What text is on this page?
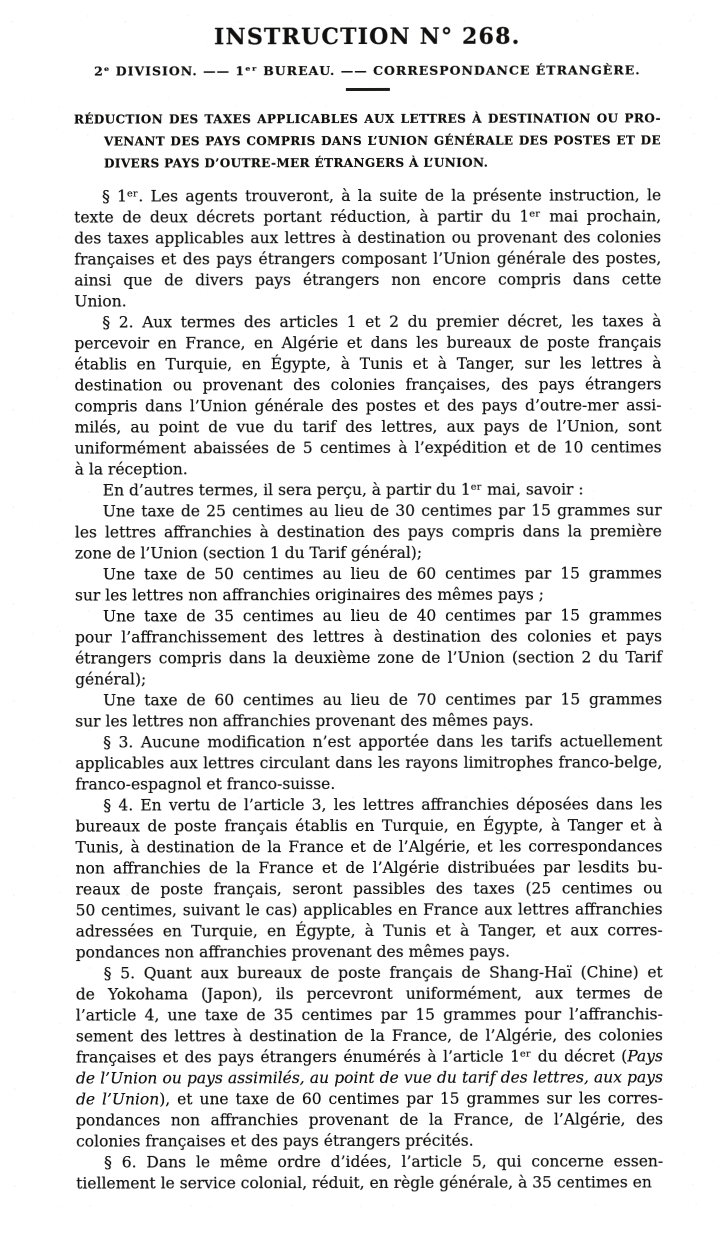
INSTRUCTION N° 268.
2ᵉ DIVISION. —— 1ᵉʳ BUREAU. —— CORRESPONDANCE ÉTRANGÈRE.
RÉDUCTION DES TAXES APPLICABLES AUX LETTRES À DESTINATION OU PRO-
VENANT DES PAYS COMPRIS DANS L’UNION GÉNÉRALE DES POSTES ET DE
DIVERS PAYS D’OUTRE-MER ÉTRANGERS À L’UNION.
§ 1ᵉʳ. Les agents trouveront, à la suite de la présente instruction, le
texte de deux décrets portant réduction, à partir du 1ᵉʳ mai prochain,
des taxes applicables aux lettres à destination ou provenant des colonies
françaises et des pays étrangers composant l’Union générale des postes,
ainsi que de divers pays étrangers non encore compris dans cette
Union.
§ 2. Aux termes des articles 1 et 2 du premier décret, les taxes à
percevoir en France, en Algérie et dans les bureaux de poste français
établis en Turquie, en Égypte, à Tunis et à Tanger, sur les lettres à
destination ou provenant des colonies françaises, des pays étrangers
compris dans l’Union générale des postes et des pays d’outre-mer assi-
milés, au point de vue du tarif des lettres, aux pays de l’Union, sont
uniformément abaissées de 5 centimes à l’expédition et de 10 centimes
à la réception.
En d’autres termes, il sera perçu, à partir du 1ᵉʳ mai, savoir :
Une taxe de 25 centimes au lieu de 30 centimes par 15 grammes sur
les lettres affranchies à destination des pays compris dans la première
zone de l’Union (section 1 du Tarif général);
Une taxe de 50 centimes au lieu de 60 centimes par 15 grammes
sur les lettres non affranchies originaires des mêmes pays ;
Une taxe de 35 centimes au lieu de 40 centimes par 15 grammes
pour l’affranchissement des lettres à destination des colonies et pays
étrangers compris dans la deuxième zone de l’Union (section 2 du Tarif
général);
Une taxe de 60 centimes au lieu de 70 centimes par 15 grammes
sur les lettres non affranchies provenant des mêmes pays.
§ 3. Aucune modification n’est apportée dans les tarifs actuellement
applicables aux lettres circulant dans les rayons limitrophes franco-belge,
franco-espagnol et franco-suisse.
§ 4. En vertu de l’article 3, les lettres affranchies déposées dans les
bureaux de poste français établis en Turquie, en Égypte, à Tanger et à
Tunis, à destination de la France et de l’Algérie, et les correspondances
non affranchies de la France et de l’Algérie distribuées par lesdits bu-
reaux de poste français, seront passibles des taxes (25 centimes ou
50 centimes, suivant le cas) applicables en France aux lettres affranchies
adressées en Turquie, en Égypte, à Tunis et à Tanger, et aux corres-
pondances non affranchies provenant des mêmes pays.
§ 5. Quant aux bureaux de poste français de Shang-Haï (Chine) et
de Yokohama (Japon), ils percevront uniformément, aux termes de
l’article 4, une taxe de 35 centimes par 15 grammes pour l’affranchis-
sement des lettres à destination de la France, de l’Algérie, des colonies
françaises et des pays étrangers énumérés à l’article 1ᵉʳ du décret (Pays
de l’Union ou pays assimilés, au point de vue du tarif des lettres, aux pays
de l’Union), et une taxe de 60 centimes par 15 grammes sur les corres-
pondances non affranchies provenant de la France, de l’Algérie, des
colonies françaises et des pays étrangers précités.
§ 6. Dans le même ordre d’idées, l’article 5, qui concerne essen-
tiellement le service colonial, réduit, en règle générale, à 35 centimes en
